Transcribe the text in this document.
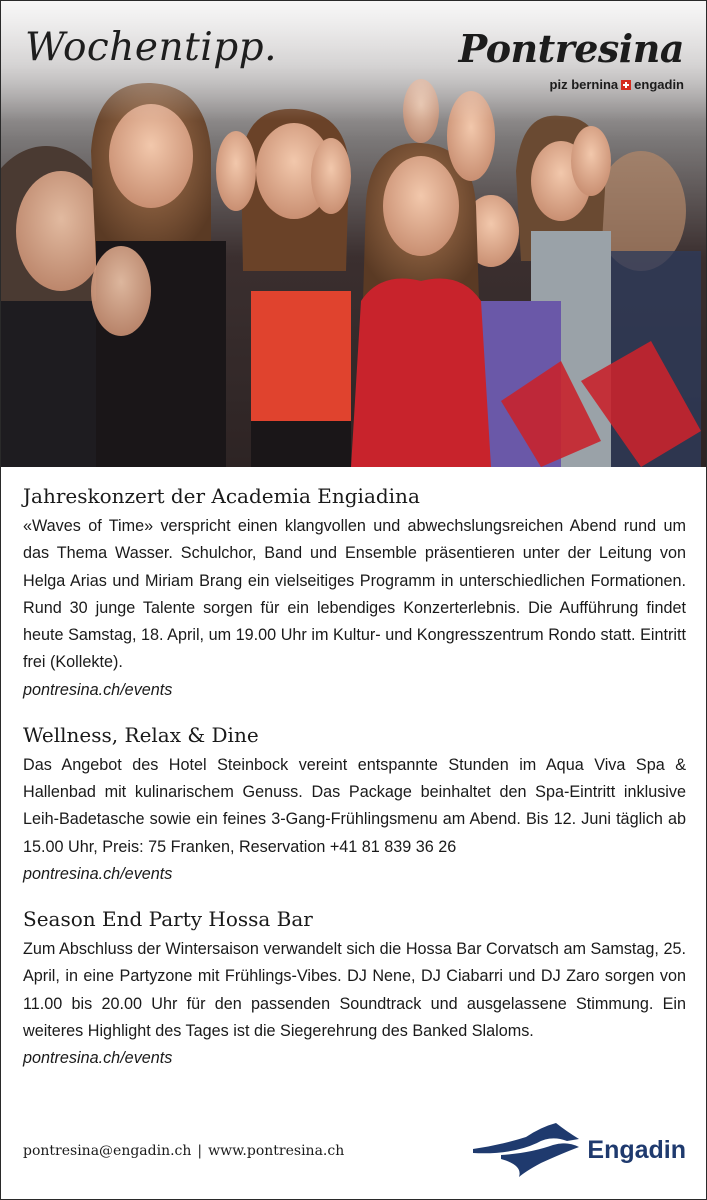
Wochentipp.	Pontresina
piz bernina engadin
Jahreskonzert der Academia Engiadina

«Waves of Time» verspricht einen klangvollen und abwechslungsreichen Abend rund um das Thema Wasser. Schulchor, Band und Ensemble präsentieren unter der Leitung von Helga Arias und Miriam Brang ein vielseitiges Programm in unterschiedlichen Formationen. Rund 30 junge Talente sorgen für ein lebendiges Konzerterlebnis. Die Aufführung findet heute Samstag, 18. April, um 19.00 Uhr im Kultur- und Kongresszentrum Rondo statt. Eintritt frei (Kollekte).

pontresina.ch/events
Wellness, Relax & Dine

Das Angebot des Hotel Steinbock vereint entspannte Stunden im Aqua Viva Spa & Hallenbad mit kulinarischem Genuss. Das Package beinhaltet den Spa-Eintritt inklusive Leih-Badetasche sowie ein feines 3-Gang-Frühlingsmenu am Abend. Bis 12. Juni täglich ab 15.00 Uhr, Preis: 75 Franken, Reservation +41 81 839 36 26

pontresina.ch/events
Season End Party Hossa Bar

Zum Abschluss der Wintersaison verwandelt sich die Hossa Bar Corvatsch am Samstag, 25. April, in eine Partyzone mit Frühlings-Vibes. DJ Nene, DJ Ciabarri und DJ Zaro sorgen von 11.00 bis 20.00 Uhr für den passenden Soundtrack und ausgelassene Stimmung. Ein weiteres Highlight des Tages ist die Siegerehrung des Banked Slaloms.

pontresina.ch/events
pontresina@engadin.ch | www.pontresina.ch	Engadin
